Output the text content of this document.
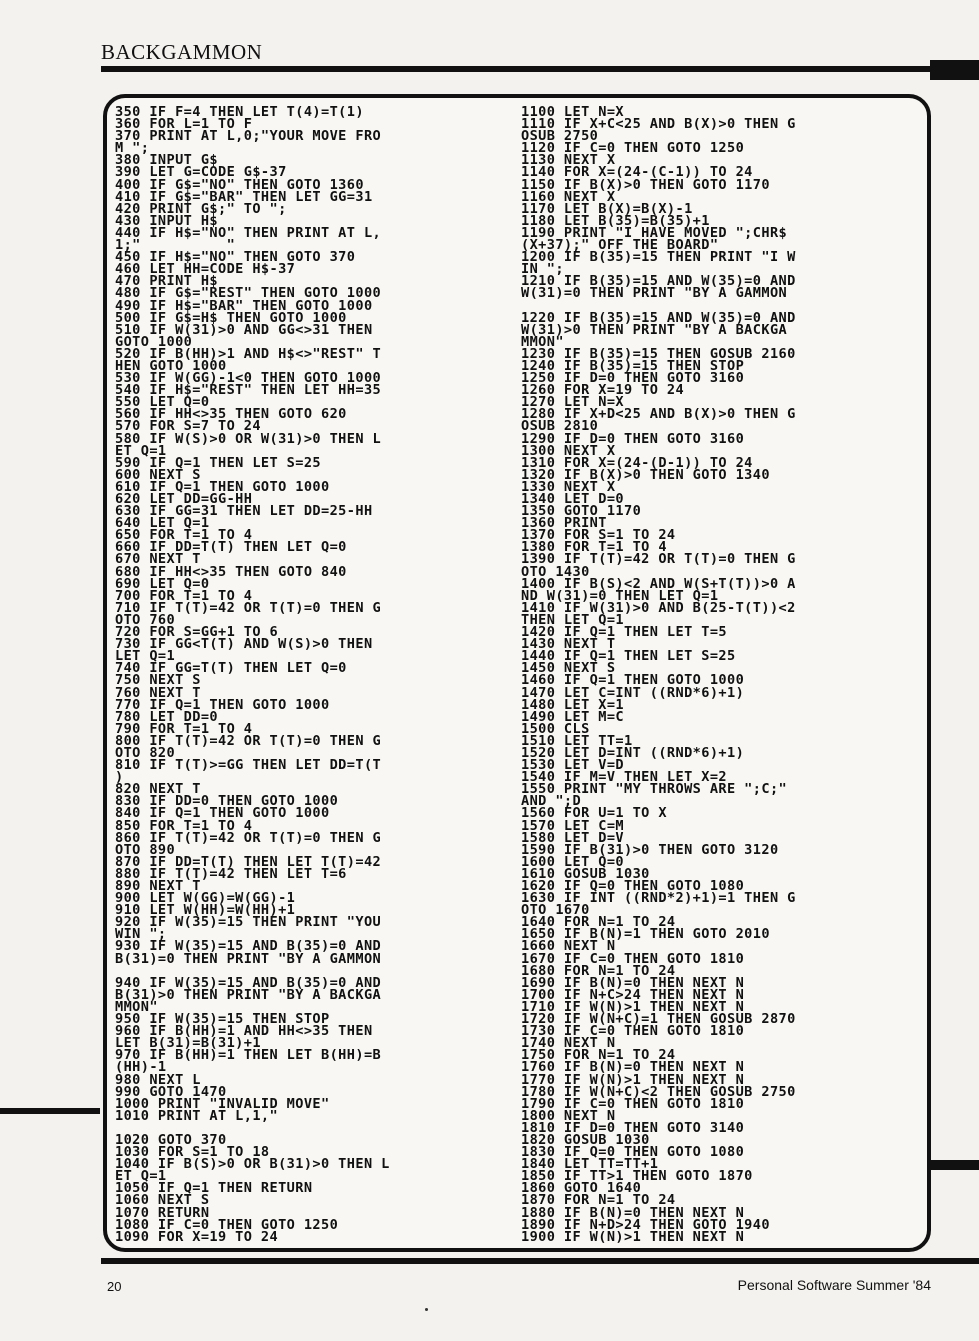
BACKGAMMON
350 IF F=4 THEN LET T(4)=T(1)
360 FOR L=1 TO F
370 PRINT AT L,0;"YOUR MOVE FRO
M ";
380 INPUT G$
390 LET G=CODE G$-37
400 IF G$="NO" THEN GOTO 1360
410 IF G$="BAR" THEN LET GG=31
420 PRINT G$;" TO ";
430 INPUT H$
440 IF H$="NO" THEN PRINT AT L,
1;"          "
450 IF H$="NO" THEN GOTO 370
460 LET HH=CODE H$-37
470 PRINT H$
480 IF G$="REST" THEN GOTO 1000
490 IF H$="BAR" THEN GOTO 1000
500 IF G$=H$ THEN GOTO 1000
510 IF W(31)>0 AND GG<>31 THEN
GOTO 1000
520 IF B(HH)>1 AND H$<>"REST" T
HEN GOTO 1000
530 IF W(GG)-1<0 THEN GOTO 1000
540 IF H$="REST" THEN LET HH=35
550 LET Q=0
560 IF HH<>35 THEN GOTO 620
570 FOR S=7 TO 24
580 IF W(S)>0 OR W(31)>0 THEN L
ET Q=1
590 IF Q=1 THEN LET S=25
600 NEXT S
610 IF Q=1 THEN GOTO 1000
620 LET DD=GG-HH
630 IF GG=31 THEN LET DD=25-HH
640 LET Q=1
650 FOR T=1 TO 4
660 IF DD=T(T) THEN LET Q=0
670 NEXT T
680 IF HH<>35 THEN GOTO 840
690 LET Q=0
700 FOR T=1 TO 4
710 IF T(T)=42 OR T(T)=0 THEN G
OTO 760
720 FOR S=GG+1 TO 6
730 IF GG<T(T) AND W(S)>0 THEN
LET Q=1
740 IF GG=T(T) THEN LET Q=0
750 NEXT S
760 NEXT T
770 IF Q=1 THEN GOTO 1000
780 LET DD=0
790 FOR T=1 TO 4
800 IF T(T)=42 OR T(T)=0 THEN G
OTO 820
810 IF T(T)>=GG THEN LET DD=T(T
)
820 NEXT T
830 IF DD=0 THEN GOTO 1000
840 IF Q=1 THEN GOTO 1000
850 FOR T=1 TO 4
860 IF T(T)=42 OR T(T)=0 THEN G
OTO 890
870 IF DD=T(T) THEN LET T(T)=42
880 IF T(T)=42 THEN LET T=6
890 NEXT T
900 LET W(GG)=W(GG)-1
910 LET W(HH)=W(HH)+1
920 IF W(35)=15 THEN PRINT "YOU
WIN ";
930 IF W(35)=15 AND B(35)=0 AND
B(31)=0 THEN PRINT "BY A GAMMON
940 IF W(35)=15 AND B(35)=0 AND
B(31)>0 THEN PRINT "BY A BACKGA
MMON"
950 IF W(35)=15 THEN STOP
960 IF B(HH)=1 AND HH<>35 THEN
LET B(31)=B(31)+1
970 IF B(HH)=1 THEN LET B(HH)=B
(HH)-1
980 NEXT L
990 GOTO 1470
1000 PRINT "INVALID MOVE"
1010 PRINT AT L,1,"
1020 GOTO 370
1030 FOR S=1 TO 18
1040 IF B(S)>0 OR B(31)>0 THEN L
ET Q=1
1050 IF Q=1 THEN RETURN
1060 NEXT S
1070 RETURN
1080 IF C=0 THEN GOTO 1250
1090 FOR X=19 TO 24
1100 LET N=X
1110 IF X+C<25 AND B(X)>0 THEN G
OSUB 2750
1120 IF C=0 THEN GOTO 1250
1130 NEXT X
1140 FOR X=(24-(C-1)) TO 24
1150 IF B(X)>0 THEN GOTO 1170
1160 NEXT X
1170 LET B(X)=B(X)-1
1180 LET B(35)=B(35)+1
1190 PRINT "I HAVE MOVED ";CHR$
(X+37);" OFF THE BOARD"
1200 IF B(35)=15 THEN PRINT "I W
IN ";
1210 IF B(35)=15 AND W(35)=0 AND
W(31)=0 THEN PRINT "BY A GAMMON
1220 IF B(35)=15 AND W(35)=0 AND
W(31)>0 THEN PRINT "BY A BACKGA
MMON"
1230 IF B(35)=15 THEN GOSUB 2160
1240 IF B(35)=15 THEN STOP
1250 IF D=0 THEN GOTO 3160
1260 FOR X=19 TO 24
1270 LET N=X
1280 IF X+D<25 AND B(X)>0 THEN G
OSUB 2810
1290 IF D=0 THEN GOTO 3160
1300 NEXT X
1310 FOR X=(24-(D-1)) TO 24
1320 IF B(X)>0 THEN GOTO 1340
1330 NEXT X
1340 LET D=0
1350 GOTO 1170
1360 PRINT
1370 FOR S=1 TO 24
1380 FOR T=1 TO 4
1390 IF T(T)=42 OR T(T)=0 THEN G
OTO 1430
1400 IF B(S)<2 AND W(S+T(T))>0 A
ND W(31)=0 THEN LET Q=1
1410 IF W(31)>0 AND B(25-T(T))<2
THEN LET Q=1
1420 IF Q=1 THEN LET T=5
1430 NEXT T
1440 IF Q=1 THEN LET S=25
1450 NEXT S
1460 IF Q=1 THEN GOTO 1000
1470 LET C=INT ((RND*6)+1)
1480 LET X=1
1490 LET M=C
1500 CLS
1510 LET TT=1
1520 LET D=INT ((RND*6)+1)
1530 LET V=D
1540 IF M=V THEN LET X=2
1550 PRINT "MY THROWS ARE ";C;"
AND ";D
1560 FOR U=1 TO X
1570 LET C=M
1580 LET D=V
1590 IF B(31)>0 THEN GOTO 3120
1600 LET Q=0
1610 GOSUB 1030
1620 IF Q=0 THEN GOTO 1080
1630 IF INT ((RND*2)+1)=1 THEN G
OTO 1670
1640 FOR N=1 TO 24
1650 IF B(N)=1 THEN GOTO 2010
1660 NEXT N
1670 IF C=0 THEN GOTO 1810
1680 FOR N=1 TO 24
1690 IF B(N)=0 THEN NEXT N
1700 IF N+C>24 THEN NEXT N
1710 IF W(N)>1 THEN NEXT N
1720 IF W(N+C)=1 THEN GOSUB 2870
1730 IF C=0 THEN GOTO 1810
1740 NEXT N
1750 FOR N=1 TO 24
1760 IF B(N)=0 THEN NEXT N
1770 IF W(N)>1 THEN NEXT N
1780 IF W(N+C)<2 THEN GOSUB 2750
1790 IF C=0 THEN GOTO 1810
1800 NEXT N
1810 IF D=0 THEN GOTO 3140
1820 GOSUB 1030
1830 IF Q=0 THEN GOTO 1080
1840 LET TT=TT+1
1850 IF TT>1 THEN GOTO 1870
1860 GOTO 1640
1870 FOR N=1 TO 24
1880 IF B(N)=0 THEN NEXT N
1890 IF N+D>24 THEN GOTO 1940
1900 IF W(N)>1 THEN NEXT N
20	Personal Software Summer '84
